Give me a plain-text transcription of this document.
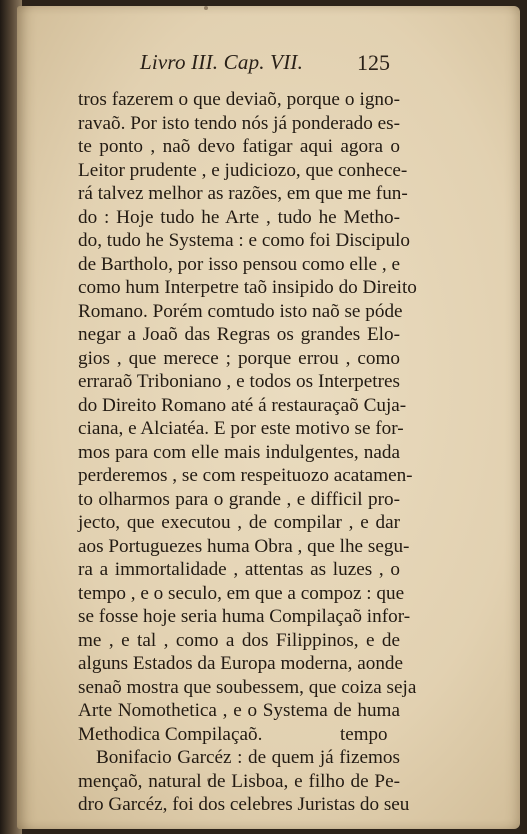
Livro III. Cap. VII. 125
tros fazerem o que deviaõ, porque o igno-
ravaõ. Por isto tendo nós já ponderado es-
te ponto , naõ devo fatigar aqui agora o
Leitor prudente , e judiciozo, que conhece-
rá talvez melhor as razões, em que me fun-
do : Hoje tudo he Arte , tudo he Metho-
do, tudo he Systema : e como foi Discipulo
de Bartholo, por isso pensou como elle , e
como hum Interpetre taõ insipido do Direito
Romano. Porém comtudo isto naõ se póde
negar a Joaõ das Regras os grandes Elo-
gios , que merece ; porque errou , como
erraraõ Triboniano , e todos os Interpetres
do Direito Romano até á restauraçaõ Cuja-
ciana, e Alciatéa. E por este motivo se for-
mos para com elle mais indulgentes, nada
perderemos , se com respeituozo acatamen-
to olharmos para o grande , e difficil pro-
jecto, que executou , de compilar , e dar
aos Portuguezes huma Obra , que lhe segu-
ra a immortalidade , attentas as luzes , o
tempo , e o seculo, em que a compoz : que
se fosse hoje seria huma Compilaçaõ infor-
me , e tal , como a dos Filippinos, e de
alguns Estados da Europa moderna, aonde
senaõ mostra que soubessem, que coiza seja
Arte Nomothetica , e o Systema de huma
Methodica Compilaçaõ.
Bonifacio Garcéz : de quem já fizemos
mençaõ, natural de Lisboa, e filho de Pe-
dro Garcéz, foi dos celebres Juristas do seu
tempo
